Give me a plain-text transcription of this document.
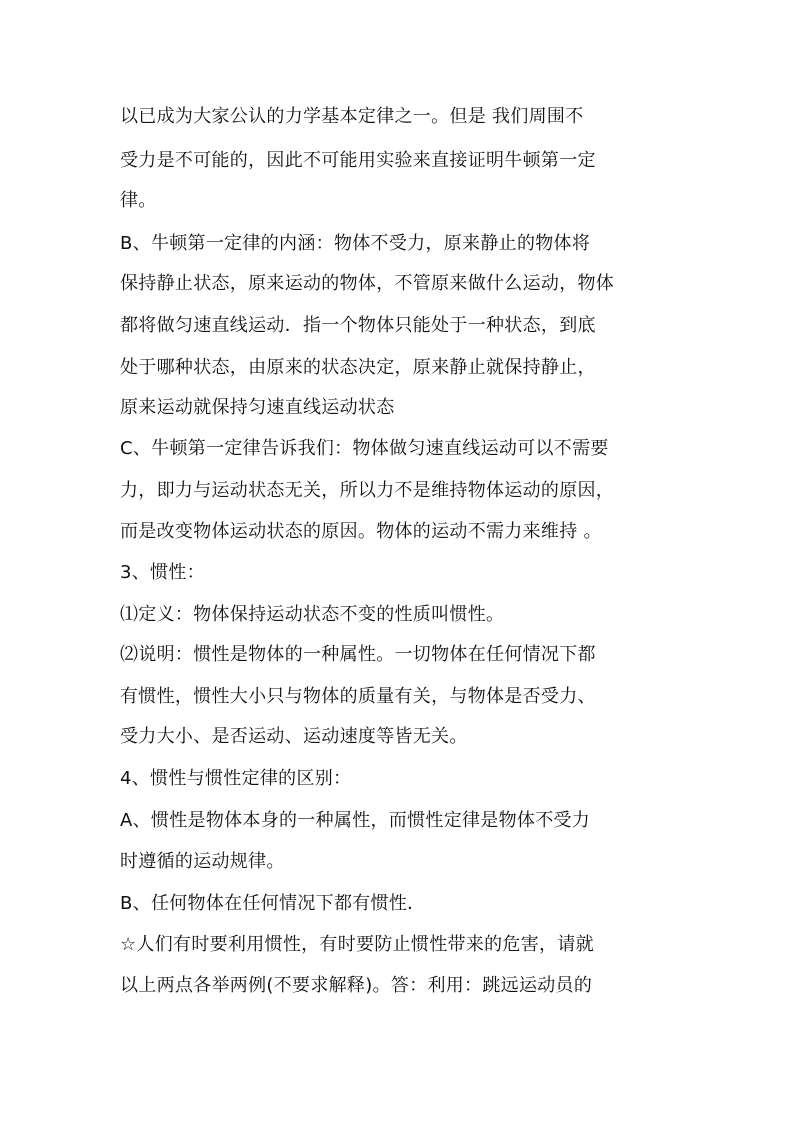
以已成为大家公认的力学基本定律之一。但是 我们周围不
受力是不可能的，因此不可能用实验来直接证明牛顿第一定
律。
B、牛顿第一定律的内涵：物体不受力，原来静止的物体将
保持静止状态，原来运动的物体，不管原来做什么运动，物体
都将做匀速直线运动．指一个物体只能处于一种状态，到底
处于哪种状态，由原来的状态决定，原来静止就保持静止，
原来运动就保持匀速直线运动状态
C、牛顿第一定律告诉我们：物体做匀速直线运动可以不需要
力，即力与运动状态无关，所以力不是维持物体运动的原因，
而是改变物体运动状态的原因。物体的运动不需力来维持 。
3、惯性：
⑴定义：物体保持运动状态不变的性质叫惯性。
⑵说明：惯性是物体的一种属性。一切物体在任何情况下都
有惯性，惯性大小只与物体的质量有关，与物体是否受力、
受力大小、是否运动、运动速度等皆无关。
4、惯性与惯性定律的区别：
A、惯性是物体本身的一种属性，而惯性定律是物体不受力
时遵循的运动规律。
B、任何物体在任何情况下都有惯性．
☆人们有时要利用惯性，有时要防止惯性带来的危害，请就
以上两点各举两例(不要求解释)。答：利用：跳远运动员的
